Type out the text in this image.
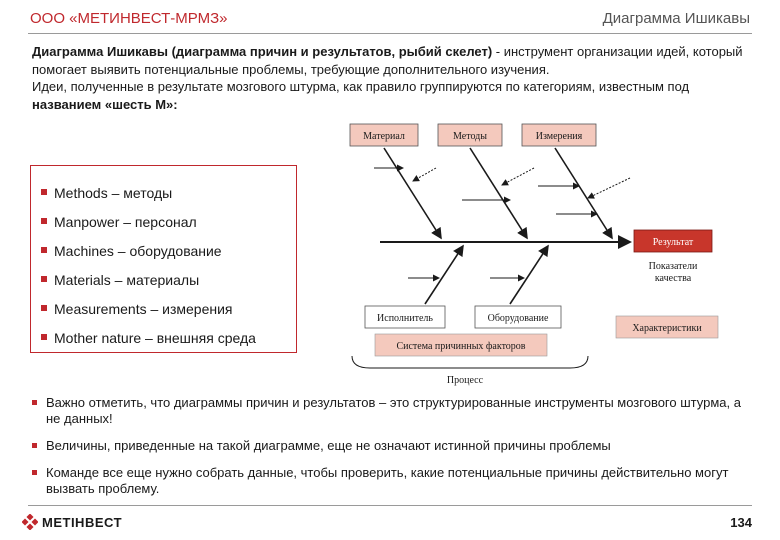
ООО «МЕТИНВЕСТ-МРМЗ»	Диаграмма Ишикавы

Диаграмма Ишикавы (диаграмма причин и результатов, рыбий скелет) - инструмент организации идей, который помогает выявить потенциальные проблемы, требующие дополнительного изучения.
Идеи, полученные в результате мозгового штурма, как правило группируются по категориям, известным под названием «шесть М»:

Methods – методы
Manpower – персонал
Machines – оборудование
Materials – материалы
Measurements – измерения
Mother nature – внешняя среда
Материал	Методы	Измерения
Результат
Показатели
качества
Исполнитель	Оборудование
Характеристики
Система причинных факторов
Процесс
Важно отметить, что диаграммы причин и результатов – это структурированные инструменты мозгового штурма, а не данных!
Величины, приведенные на такой диаграмме, еще не означают истинной причины проблемы
Команде все еще нужно собрать данные, чтобы проверить, какие потенциальные причины действительно могут вызвать проблему.
МЕТІНВЕСТ	134
